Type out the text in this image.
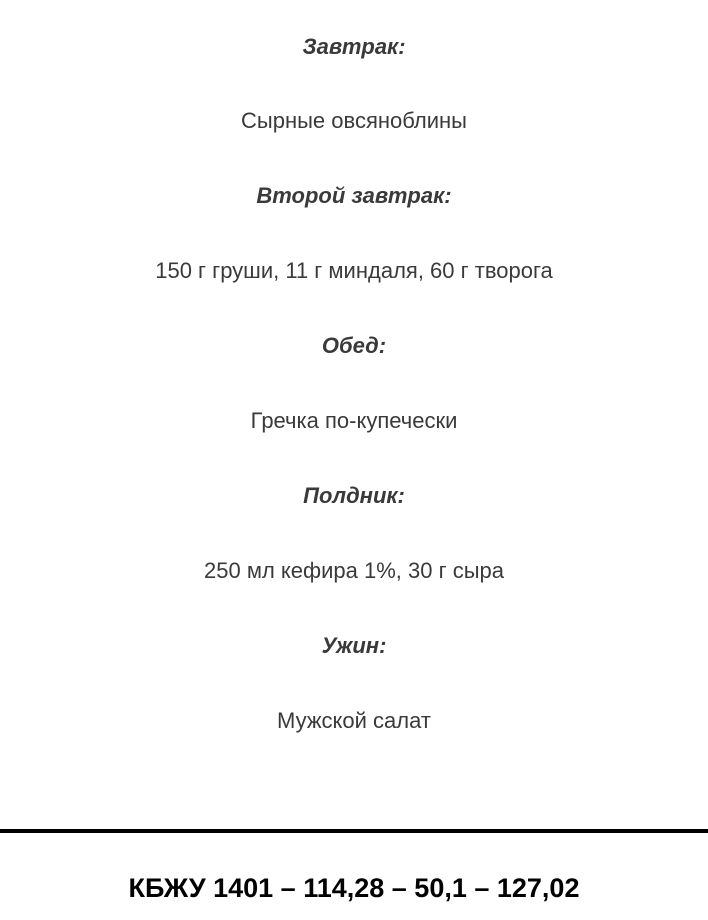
Завтрак:
Сырные овсяноблины
Второй завтрак:
150 г груши, 11 г миндаля, 60 г творога
Обед:
Гречка по-купечески
Полдник:
250 мл кефира 1%, 30 г сыра
Ужин:
Мужской салат
КБЖУ 1401 – 114,28 – 50,1 – 127,02
